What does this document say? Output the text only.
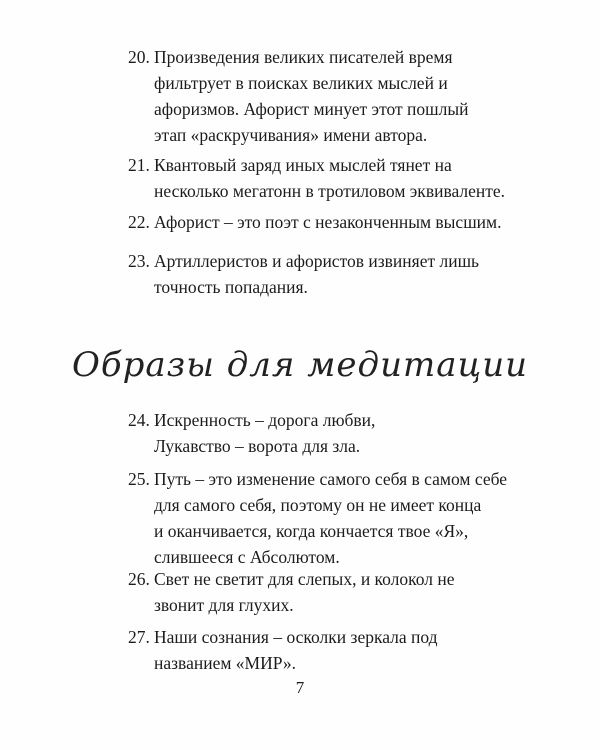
20. Произведения великих писателей время
фильтрует в поисках великих мыслей и
афоризмов. Афорист минует этот пошлый
этап «раскручивания» имени автора.
21. Квантовый заряд иных мыслей тянет на
несколько мегатонн в тротиловом эквиваленте.
22. Афорист – это поэт с незаконченным высшим.
23. Артиллеристов и афористов извиняет лишь
точность попадания.
Образы для медитации
24. Искренность – дорога любви,
Лукавство – ворота для зла.
25. Путь – это изменение самого себя в самом себе
для самого себя, поэтому он не имеет конца
и оканчивается, когда кончается твое «Я»,
слившееся с Абсолютом.
26. Свет не светит для слепых, и колокол не
звонит для глухих.
27. Наши сознания – осколки зеркала под
названием «МИР».
7
